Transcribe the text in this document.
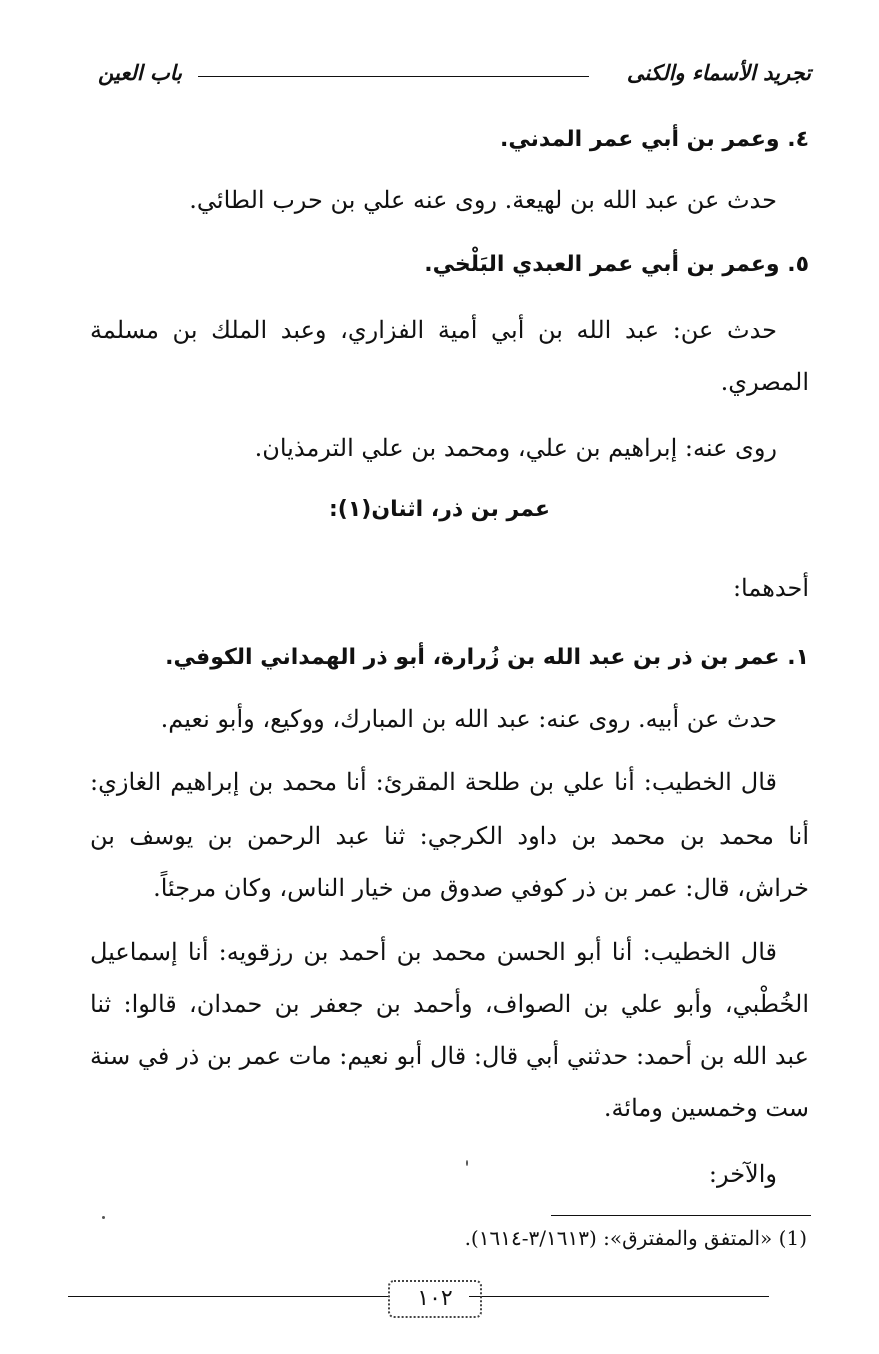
تجريد الأسماء والكنى
باب العين
٤. وعمر بن أبي عمر المدني.
حدث عن عبد الله بن لهيعة. روى عنه علي بن حرب الطائي.
٥. وعمر بن أبي عمر العبدي البَلْخي.
حدث عن: عبد الله بن أبي أمية الفزاري، وعبد الملك بن مسلمة
المصري.
روى عنه: إبراهيم بن علي، ومحمد بن علي الترمذيان.
عمر بن ذر، اثنان(١):
أحدهما:
١. عمر بن ذر بن عبد الله بن زُرارة، أبو ذر الهمداني الكوفي.
حدث عن أبيه. روى عنه: عبد الله بن المبارك، ووكيع، وأبو نعيم.
قال الخطيب: أنا علي بن طلحة المقرئ: أنا محمد بن إبراهيم الغازي:
أنا محمد بن محمد بن داود الكرجي: ثنا عبد الرحمن بن يوسف بن
خراش، قال: عمر بن ذر كوفي صدوق من خيار الناس، وكان مرجئاً.
قال الخطيب: أنا أبو الحسن محمد بن أحمد بن رزقويه: أنا إسماعيل
الخُطْبي، وأبو علي بن الصواف، وأحمد بن جعفر بن حمدان، قالوا: ثنا
عبد الله بن أحمد: حدثني أبي قال: قال أبو نعيم: مات عمر بن ذر في سنة
ست وخمسين ومائة.
والآخر:
(1) «المتفق والمفترق»: (٣/١٦١٣-١٦١٤).
١٠٢
